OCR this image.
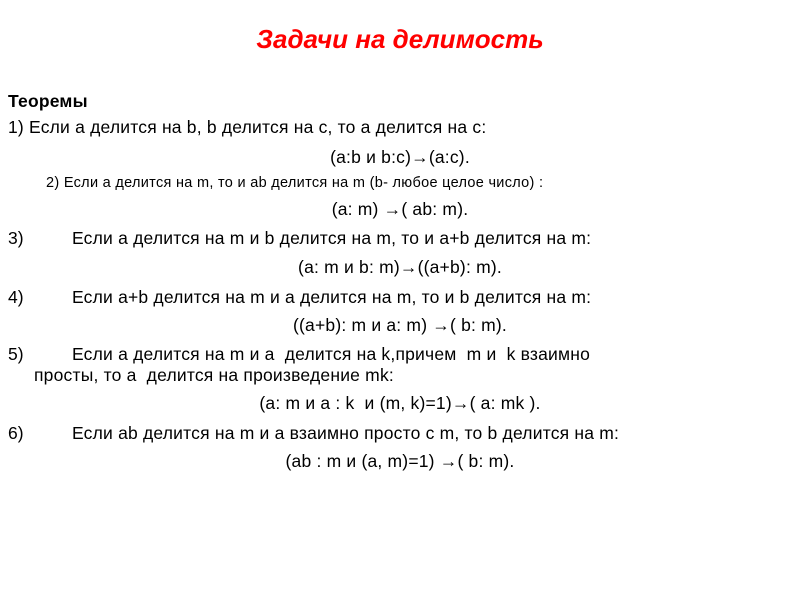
Задачи на делимость
Теоремы
1) Если a делится на b, b делится на c, то a делится на c:
(a:b и b:c)→(a:c).
2) Если a делится на m, то и ab делится на m (b- любое целое число) :
(a: m) →( ab: m).
3)	Если a делится на m и b делится на m, то и a+b делится на m:
(a: m и b: m)→((a+b): m).
4)	Если a+b делится на m и a делится на m, то и b делится на m:
((a+b): m и a: m) →( b: m).
5)	Если a делится на m и a  делится на k,причем  m и  k взаимно
просты, то a  делится на произведение mk:
(a: m и a : k  и (m, k)=1)→( a: mk ).
6)	Если ab делится на m и a взаимно просто с m, то b делится на m:
(ab : m и (a, m)=1) →( b: m).
